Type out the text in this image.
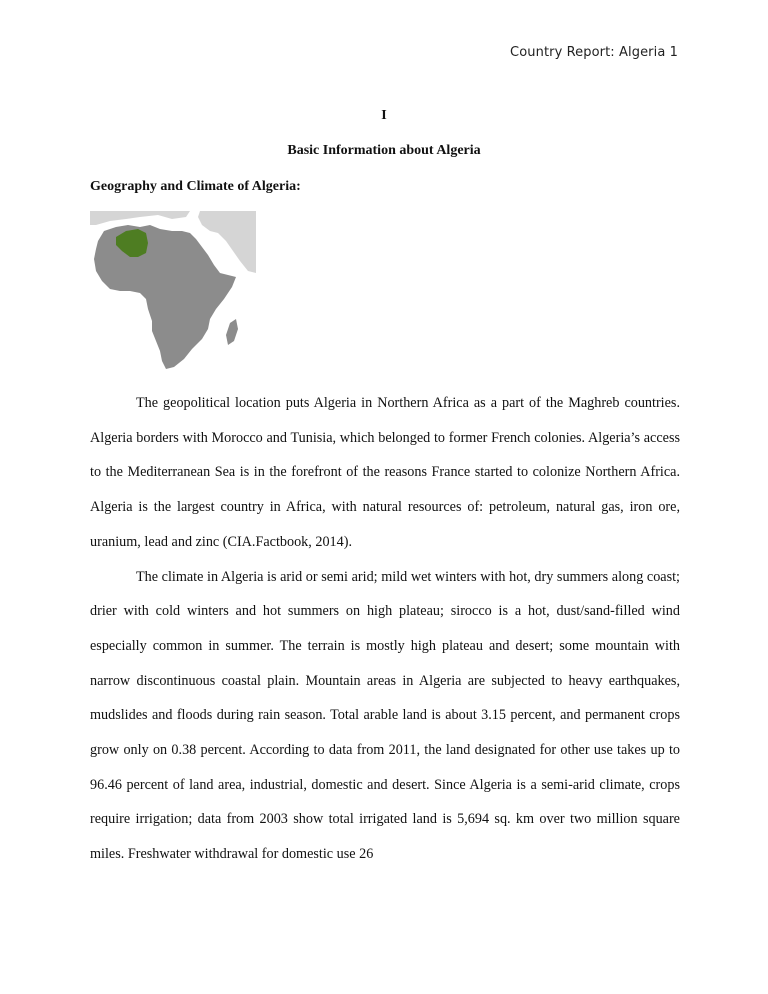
Country Report: Algeria 1
I
Basic Information about Algeria
Geography and Climate of Algeria:

The geopolitical location puts Algeria in Northern Africa as a part of the Maghreb countries. Algeria borders with Morocco and Tunisia, which belonged to former French colonies. Algeria’s access to the Mediterranean Sea is in the forefront of the reasons France started to colonize Northern Africa. Algeria is the largest country in Africa, with natural resources of: petroleum, natural gas, iron ore, uranium, lead and zinc (CIA.Factbook, 2014).

The climate in Algeria is arid or semi arid; mild wet winters with hot, dry summers along coast; drier with cold winters and hot summers on high plateau; sirocco is a hot, dust/sand-filled wind especially common in summer. The terrain is mostly high plateau and desert; some mountain with narrow discontinuous coastal plain. Mountain areas in Algeria are subjected to heavy earthquakes, mudslides and floods during rain season. Total arable land is about 3.15 percent, and permanent crops grow only on 0.38 percent. According to data from 2011, the land designated for other use takes up to 96.46 percent of land area, industrial, domestic and desert. Since Algeria is a semi-arid climate, crops require irrigation; data from 2003 show total irrigated land is 5,694 sq. km over two million square miles. Freshwater withdrawal for domestic use 26
